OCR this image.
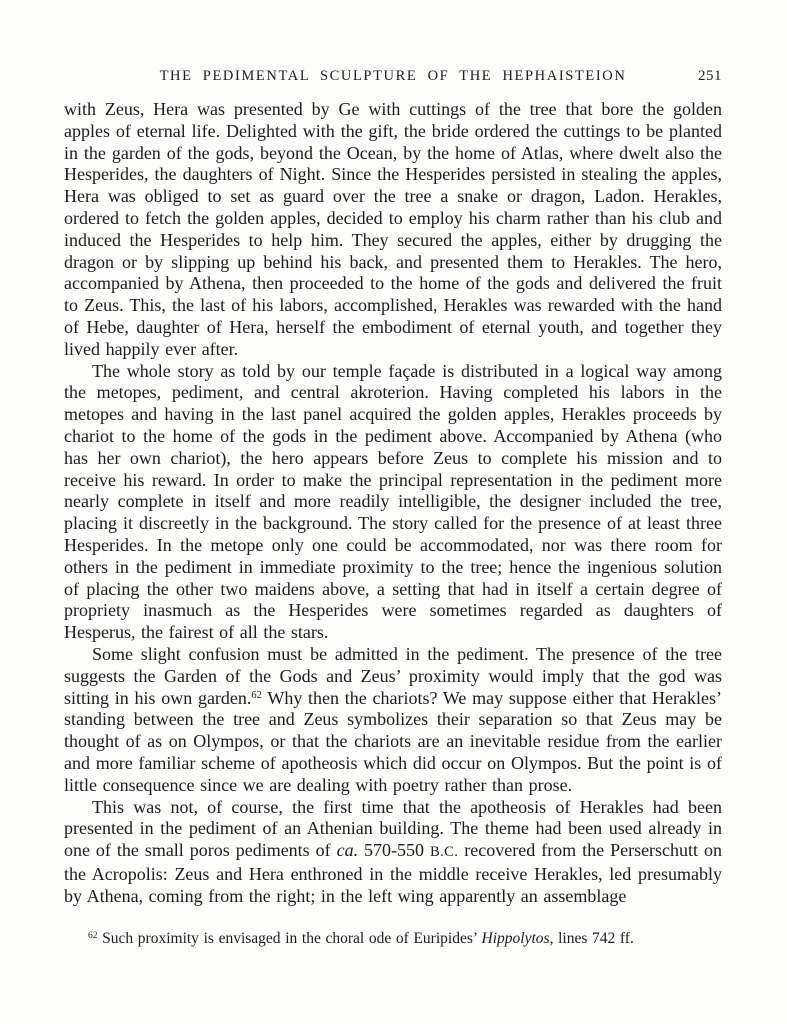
THE PEDIMENTAL SCULPTURE OF THE HEPHAISTEION	251

with Zeus, Hera was presented by Ge with cuttings of the tree that bore the golden apples of eternal life. Delighted with the gift, the bride ordered the cuttings to be planted in the garden of the gods, beyond the Ocean, by the home of Atlas, where dwelt also the Hesperides, the daughters of Night. Since the Hesperides persisted in stealing the apples, Hera was obliged to set as guard over the tree a snake or dragon, Ladon. Herakles, ordered to fetch the golden apples, decided to employ his charm rather than his club and induced the Hesperides to help him. They secured the apples, either by drugging the dragon or by slipping up behind his back, and presented them to Herakles. The hero, accompanied by Athena, then proceeded to the home of the gods and delivered the fruit to Zeus. This, the last of his labors, accomplished, Herakles was rewarded with the hand of Hebe, daughter of Hera, herself the embodiment of eternal youth, and together they lived happily ever after.

The whole story as told by our temple façade is distributed in a logical way among the metopes, pediment, and central akroterion. Having completed his labors in the metopes and having in the last panel acquired the golden apples, Herakles proceeds by chariot to the home of the gods in the pediment above. Accompanied by Athena (who has her own chariot), the hero appears before Zeus to complete his mission and to receive his reward. In order to make the principal representation in the pediment more nearly complete in itself and more readily intelligible, the designer included the tree, placing it discreetly in the background. The story called for the presence of at least three Hesperides. In the metope only one could be accommodated, nor was there room for others in the pediment in immediate proximity to the tree; hence the ingenious solution of placing the other two maidens above, a setting that had in itself a certain degree of propriety inasmuch as the Hesperides were sometimes regarded as daughters of Hesperus, the fairest of all the stars.

Some slight confusion must be admitted in the pediment. The presence of the tree suggests the Garden of the Gods and Zeus’ proximity would imply that the god was sitting in his own garden.$^{62}$ Why then the chariots? We may suppose either that Herakles’ standing between the tree and Zeus symbolizes their separation so that Zeus may be thought of as on Olympos, or that the chariots are an inevitable residue from the earlier and more familiar scheme of apotheosis which did occur on Olympos. But the point is of little consequence since we are dealing with poetry rather than prose.

This was not, of course, the first time that the apotheosis of Herakles had been presented in the pediment of an Athenian building. The theme had been used already in one of the small poros pediments of ca. 570-550 B.C. recovered from the Perserschutt on the Acropolis: Zeus and Hera enthroned in the middle receive Herakles, led presumably by Athena, coming from the right; in the left wing apparently an assemblage

$^{62}$ Such proximity is envisaged in the choral ode of Euripides’ Hippolytos, lines 742 ff.
